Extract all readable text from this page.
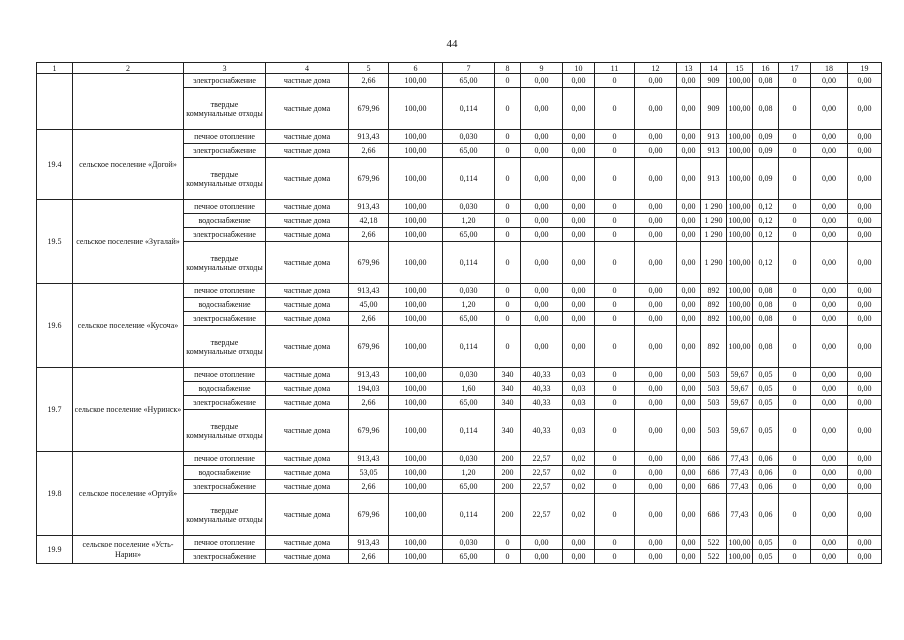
44
1	2	3	4	5	6	7	8	9	10	11	12	13	14	15	16	17	18	19
		электроснабжение	частные дома	2,66	100,00	65,00	0	0,00	0,00	0	0,00	0,00	909	100,00	0,08	0	0,00	0,00
		твердые коммунальные отходы	частные дома	679,96	100,00	0,114	0	0,00	0,00	0	0,00	0,00	909	100,00	0,08	0	0,00	0,00
19.4	сельское поселение «Догой»	печное отопление	частные дома	913,43	100,00	0,030	0	0,00	0,00	0	0,00	0,00	913	100,00	0,09	0	0,00	0,00
		электроснабжение	частные дома	2,66	100,00	65,00	0	0,00	0,00	0	0,00	0,00	913	100,00	0,09	0	0,00	0,00
		твердые коммунальные отходы	частные дома	679,96	100,00	0,114	0	0,00	0,00	0	0,00	0,00	913	100,00	0,09	0	0,00	0,00
19.5	сельское поселение «Зугалай»	печное отопление	частные дома	913,43	100,00	0,030	0	0,00	0,00	0	0,00	0,00	1 290	100,00	0,12	0	0,00	0,00
		водоснабжение	частные дома	42,18	100,00	1,20	0	0,00	0,00	0	0,00	0,00	1 290	100,00	0,12	0	0,00	0,00
		электроснабжение	частные дома	2,66	100,00	65,00	0	0,00	0,00	0	0,00	0,00	1 290	100,00	0,12	0	0,00	0,00
		твердые коммунальные отходы	частные дома	679,96	100,00	0,114	0	0,00	0,00	0	0,00	0,00	1 290	100,00	0,12	0	0,00	0,00
19.6	сельское поселение «Кусоча»	печное отопление	частные дома	913,43	100,00	0,030	0	0,00	0,00	0	0,00	0,00	892	100,00	0,08	0	0,00	0,00
		водоснабжение	частные дома	45,00	100,00	1,20	0	0,00	0,00	0	0,00	0,00	892	100,00	0,08	0	0,00	0,00
		электроснабжение	частные дома	2,66	100,00	65,00	0	0,00	0,00	0	0,00	0,00	892	100,00	0,08	0	0,00	0,00
		твердые коммунальные отходы	частные дома	679,96	100,00	0,114	0	0,00	0,00	0	0,00	0,00	892	100,00	0,08	0	0,00	0,00
19.7	сельское поселение «Нуринск»	печное отопление	частные дома	913,43	100,00	0,030	340	40,33	0,03	0	0,00	0,00	503	59,67	0,05	0	0,00	0,00
		водоснабжение	частные дома	194,03	100,00	1,60	340	40,33	0,03	0	0,00	0,00	503	59,67	0,05	0	0,00	0,00
		электроснабжение	частные дома	2,66	100,00	65,00	340	40,33	0,03	0	0,00	0,00	503	59,67	0,05	0	0,00	0,00
		твердые коммунальные отходы	частные дома	679,96	100,00	0,114	340	40,33	0,03	0	0,00	0,00	503	59,67	0,05	0	0,00	0,00
19.8	сельское поселение «Ортуй»	печное отопление	частные дома	913,43	100,00	0,030	200	22,57	0,02	0	0,00	0,00	686	77,43	0,06	0	0,00	0,00
		водоснабжение	частные дома	53,05	100,00	1,20	200	22,57	0,02	0	0,00	0,00	686	77,43	0,06	0	0,00	0,00
		электроснабжение	частные дома	2,66	100,00	65,00	200	22,57	0,02	0	0,00	0,00	686	77,43	0,06	0	0,00	0,00
		твердые коммунальные отходы	частные дома	679,96	100,00	0,114	200	22,57	0,02	0	0,00	0,00	686	77,43	0,06	0	0,00	0,00
19.9	сельское поселение «Усть-Нарин»	печное отопление	частные дома	913,43	100,00	0,030	0	0,00	0,00	0	0,00	0,00	522	100,00	0,05	0	0,00	0,00
		электроснабжение	частные дома	2,66	100,00	65,00	0	0,00	0,00	0	0,00	0,00	522	100,00	0,05	0	0,00	0,00
